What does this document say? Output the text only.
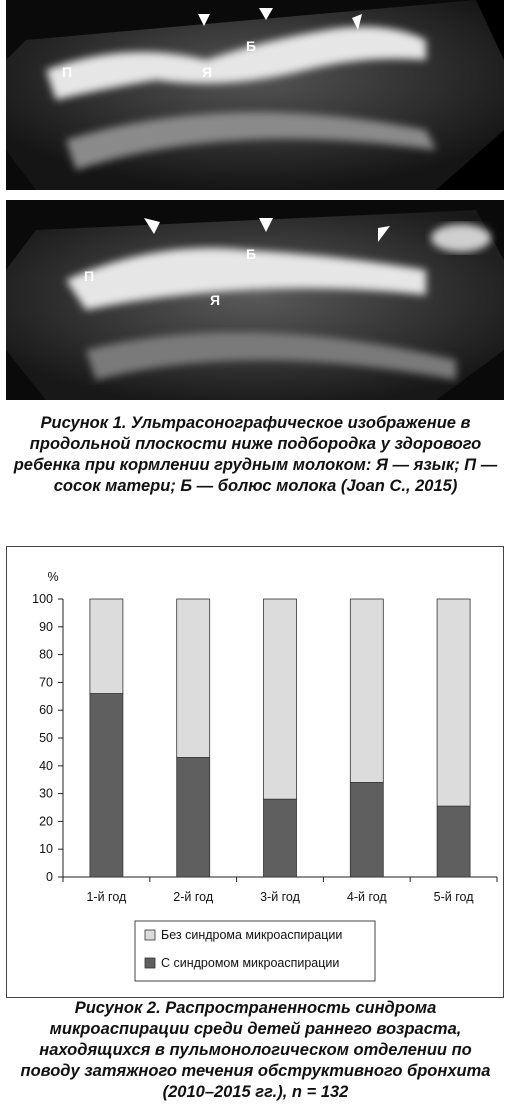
П	Я
Б
П
Я
Б
Рисунок 1. Ультрасонографическое изображение в продольной плоскости ниже подбородка у здорового ребенка при кормлении грудным молоком: Я — язык; П — сосок матери; Б — болюс молока (Joan C., 2015)
%
0
10
20
30
40
50
60
70
80
90
100
1-й год	2-й год	3-й год	4-й год	5-й год
Без синдрома микроаспирации
С синдромом микроаспирации
Рисунок 2. Распространенность синдрома микроаспирации среди детей раннего возраста, находящихся в пульмонологическом отделении по поводу затяжного течения обструктивного бронхита (2010–2015 гг.), n = 132
